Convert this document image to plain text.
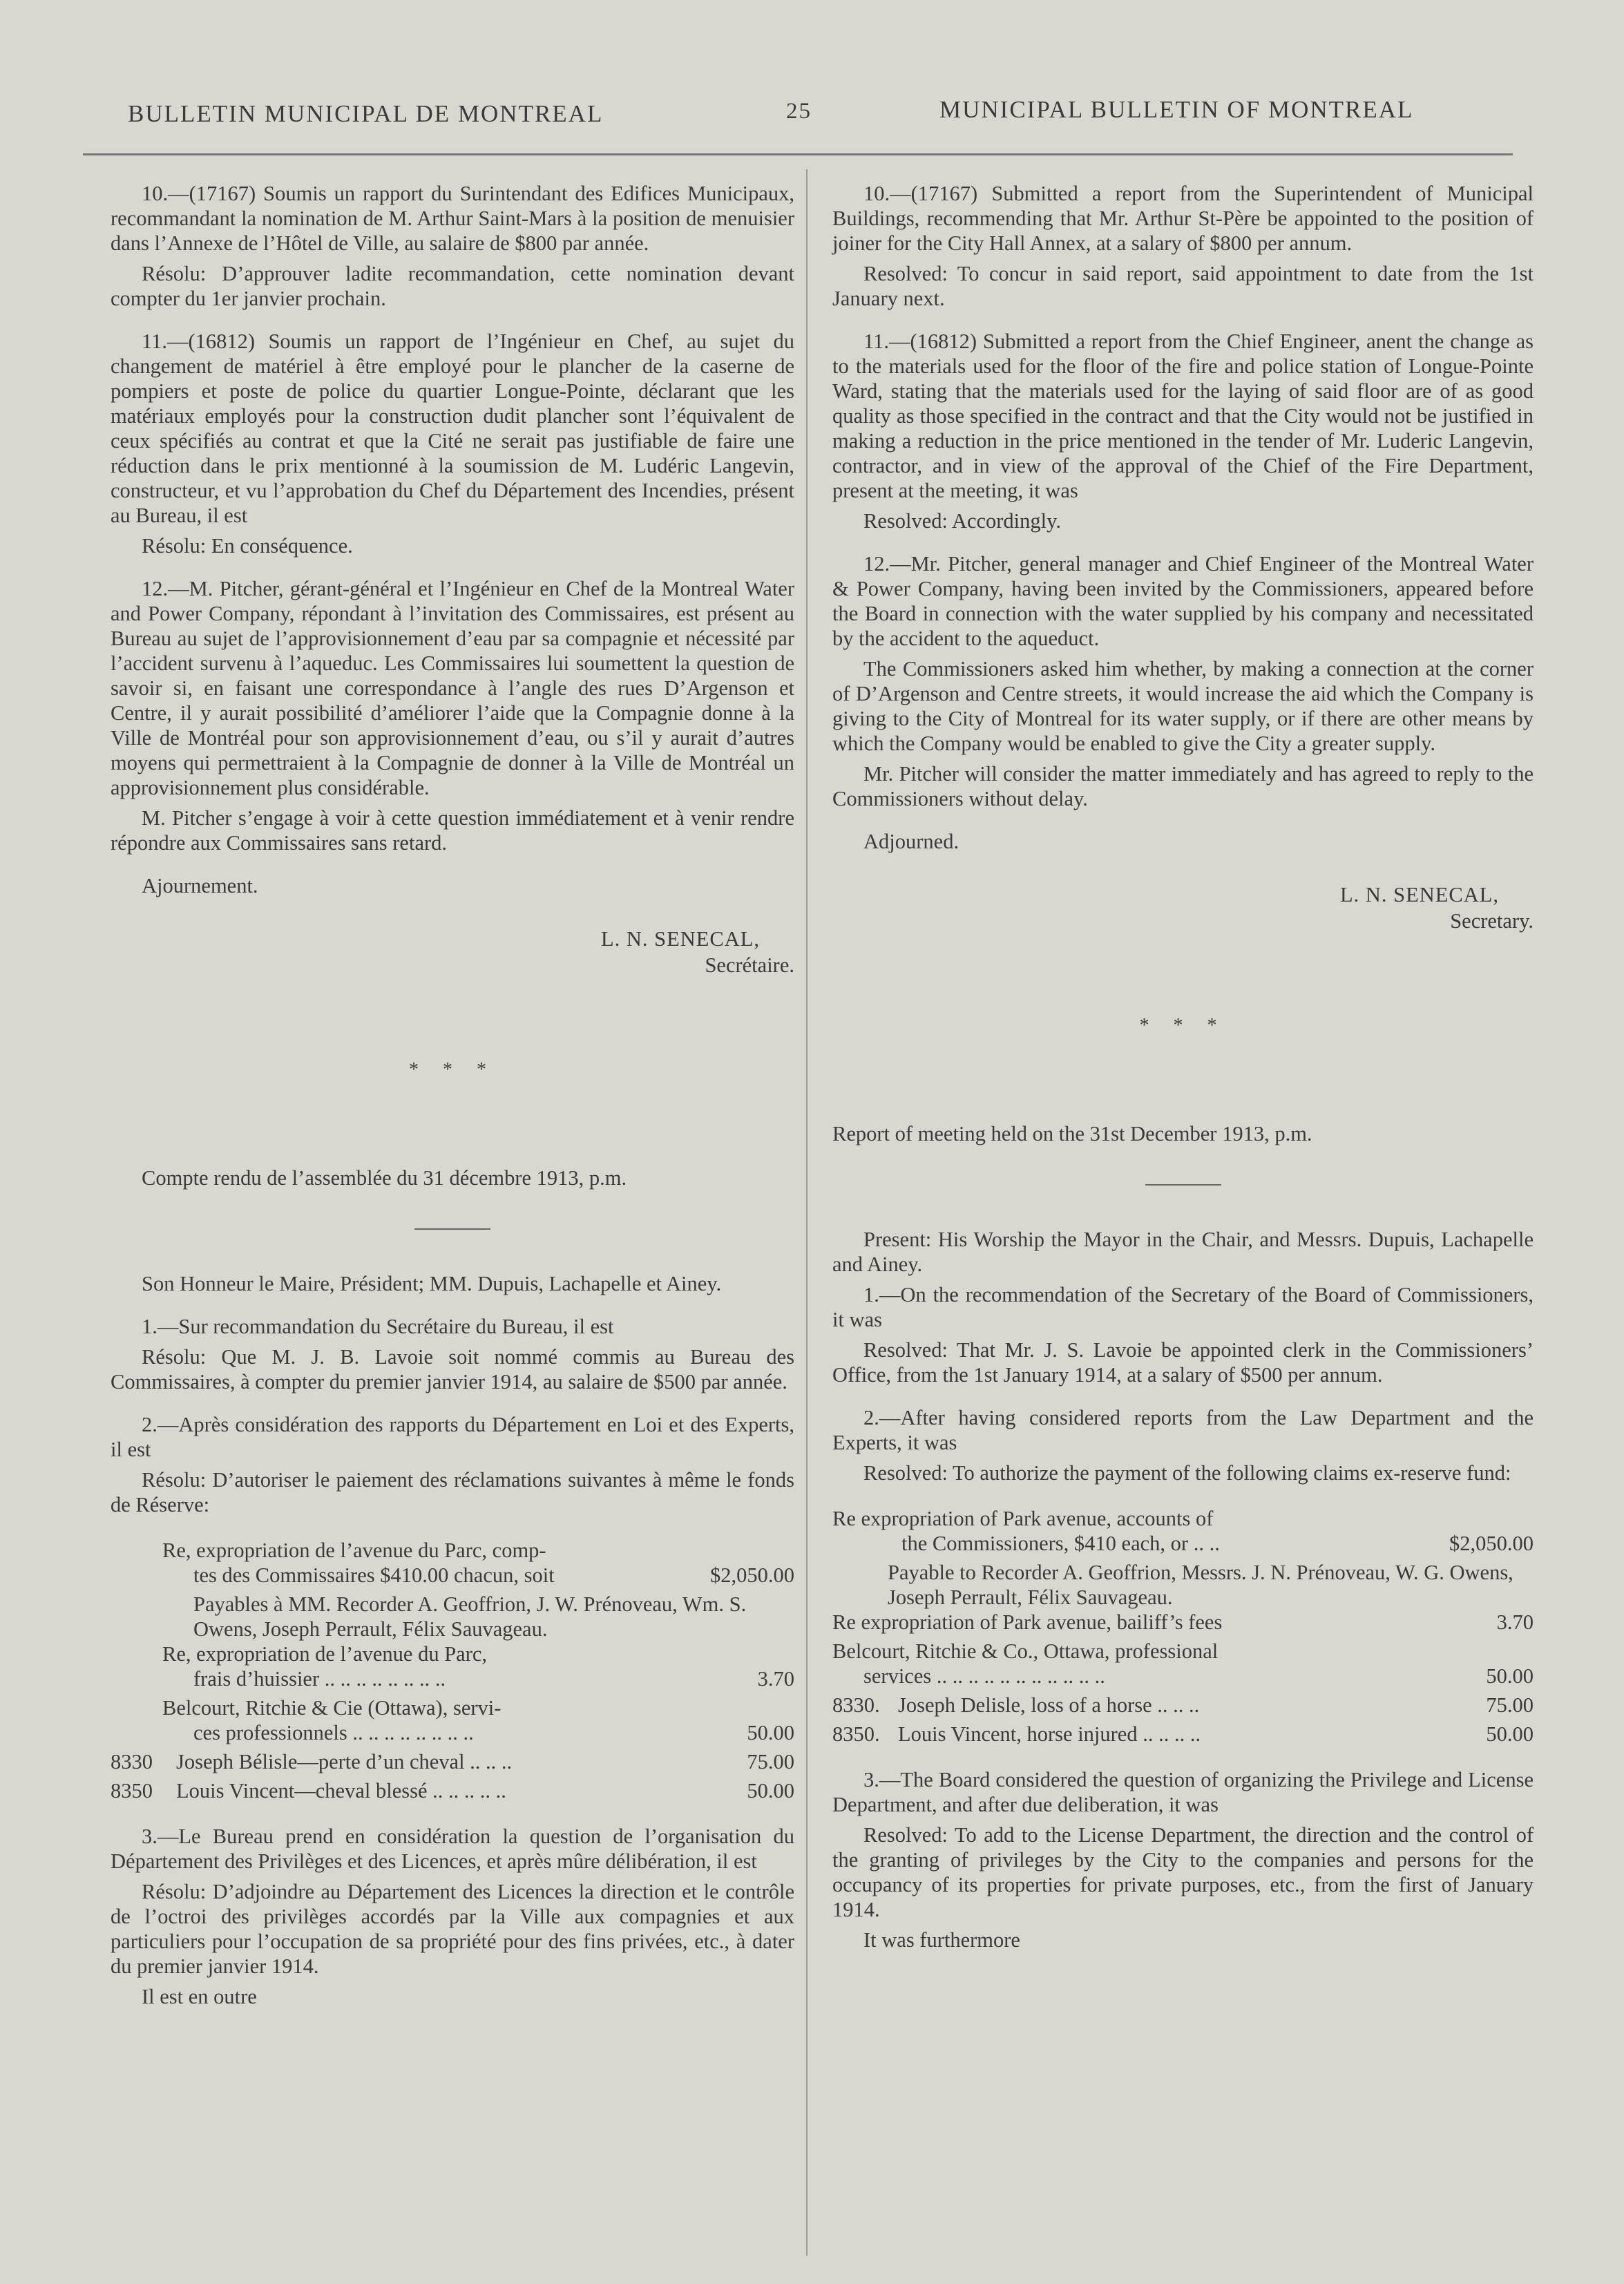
BULLETIN MUNICIPAL DE MONTREAL	25	MUNICIPAL BULLETIN OF MONTREAL

10.—(17167) Soumis un rapport du Surintendant des Edifices Municipaux, recommandant la nomination de M. Arthur Saint-Mars à la position de menuisier dans l’Annexe de l’Hôtel de Ville, au salaire de $800 par année.

Résolu: D’approuver ladite recommandation, cette nomination devant compter du 1er janvier prochain.

11.—(16812) Soumis un rapport de l’Ingénieur en Chef, au sujet du changement de matériel à être employé pour le plancher de la caserne de pompiers et poste de police du quartier Longue-Pointe, déclarant que les matériaux employés pour la construction dudit plancher sont l’équivalent de ceux spécifiés au contrat et que la Cité ne serait pas justifiable de faire une réduction dans le prix mentionné à la soumission de M. Ludéric Langevin, constructeur, et vu l’approbation du Chef du Département des Incendies, présent au Bureau, il est

Résolu: En conséquence.

12.—M. Pitcher, gérant-général et l’Ingénieur en Chef de la Montreal Water and Power Company, répondant à l’invitation des Commissaires, est présent au Bureau au sujet de l’approvisionnement d’eau par sa compagnie et nécessité par l’accident survenu à l’aqueduc. Les Commissaires lui soumettent la question de savoir si, en faisant une correspondance à l’angle des rues D’Argenson et Centre, il y aurait possibilité d’améliorer l’aide que la Compagnie donne à la Ville de Montréal pour son approvisionnement d’eau, ou s’il y aurait d’autres moyens qui permettraient à la Compagnie de donner à la Ville de Montréal un approvisionnement plus considérable.

M. Pitcher s’engage à voir à cette question immédiatement et à venir rendre répondre aux Commissaires sans retard.

Ajournement.

L. N. SENECAL,
Secrétaire.
* * *

Compte rendu de l’assemblée du 31 décembre 1913, p.m.

Son Honneur le Maire, Président; MM. Dupuis, Lachapelle et Ainey.

1.—Sur recommandation du Secrétaire du Bureau, il est

Résolu: Que M. J. B. Lavoie soit nommé commis au Bureau des Commissaires, à compter du premier janvier 1914, au salaire de $500 par année.

2.—Après considération des rapports du Département en Loi et des Experts, il est

Résolu: D’autoriser le paiement des réclamations suivantes à même le fonds de Réserve:

Re, expropriation de l’avenue du Parc, comp-
tes des Commissaires $410.00 chacun, soit	$2,050.00
Payables à MM. Recorder A. Geoffrion, J. W. Prénoveau, Wm. S. Owens, Joseph Perrault, Félix Sauvageau.
Re, expropriation de l’avenue du Parc,
frais d’huissier .. .. .. .. .. .. .. ..	3.70
Belcourt, Ritchie & Cie (Ottawa), servi-
ces professionnels .. .. .. .. .. .. .. ..	50.00
8330 Joseph Bélisle—perte d’un cheval .. .. ..	75.00
8350 Louis Vincent—cheval blessé .. .. .. .. ..	50.00

3.—Le Bureau prend en considération la question de l’organisation du Département des Privilèges et des Licences, et après mûre délibération, il est

Résolu: D’adjoindre au Département des Licences la direction et le contrôle de l’octroi des privilèges accordés par la Ville aux compagnies et aux particuliers pour l’occupation de sa propriété pour des fins privées, etc., à dater du premier janvier 1914.

Il est en outre

10.—(17167) Submitted a report from the Superintendent of Municipal Buildings, recommending that Mr. Arthur St-Père be appointed to the position of joiner for the City Hall Annex, at a salary of $800 per annum.

Resolved: To concur in said report, said appointment to date from the 1st January next.

11.—(16812) Submitted a report from the Chief Engineer, anent the change as to the materials used for the floor of the fire and police station of Longue-Pointe Ward, stating that the materials used for the laying of said floor are of as good quality as those specified in the contract and that the City would not be justified in making a reduction in the price mentioned in the tender of Mr. Luderic Langevin, contractor, and in view of the approval of the Chief of the Fire Department, present at the meeting, it was

Resolved: Accordingly.

12.—Mr. Pitcher, general manager and Chief Engineer of the Montreal Water & Power Company, having been invited by the Commissioners, appeared before the Board in connection with the water supplied by his company and necessitated by the accident to the aqueduct.

The Commissioners asked him whether, by making a connection at the corner of D’Argenson and Centre streets, it would increase the aid which the Company is giving to the City of Montreal for its water supply, or if there are other means by which the Company would be enabled to give the City a greater supply.

Mr. Pitcher will consider the matter immediately and has agreed to reply to the Commissioners without delay.

Adjourned.

L. N. SENECAL,
Secretary.
* * *

Report of meeting held on the 31st December 1913, p.m.

Present: His Worship the Mayor in the Chair, and Messrs. Dupuis, Lachapelle and Ainey.

1.—On the recommendation of the Secretary of the Board of Commissioners, it was

Resolved: That Mr. J. S. Lavoie be appointed clerk in the Commissioners’ Office, from the 1st January 1914, at a salary of $500 per annum.

2.—After having considered reports from the Law Department and the Experts, it was

Resolved: To authorize the payment of the following claims ex-reserve fund:

Re expropriation of Park avenue, accounts of
the Commissioners, $410 each, or .. ..	$2,050.00
Payable to Recorder A. Geoffrion, Messrs. J. N. Prénoveau, W. G. Owens, Joseph Perrault, Félix Sauvageau.
Re expropriation of Park avenue, bailiff’s fees	3.70
Belcourt, Ritchie & Co., Ottawa, professional
services .. .. .. .. .. .. .. .. .. .. ..	50.00
8330. Joseph Delisle, loss of a horse .. .. ..	75.00
8350. Louis Vincent, horse injured .. .. .. ..	50.00

3.—The Board considered the question of organizing the Privilege and License Department, and after due deliberation, it was

Resolved: To add to the License Department, the direction and the control of the granting of privileges by the City to the companies and persons for the occupancy of its properties for private purposes, etc., from the first of January 1914.

It was furthermore
